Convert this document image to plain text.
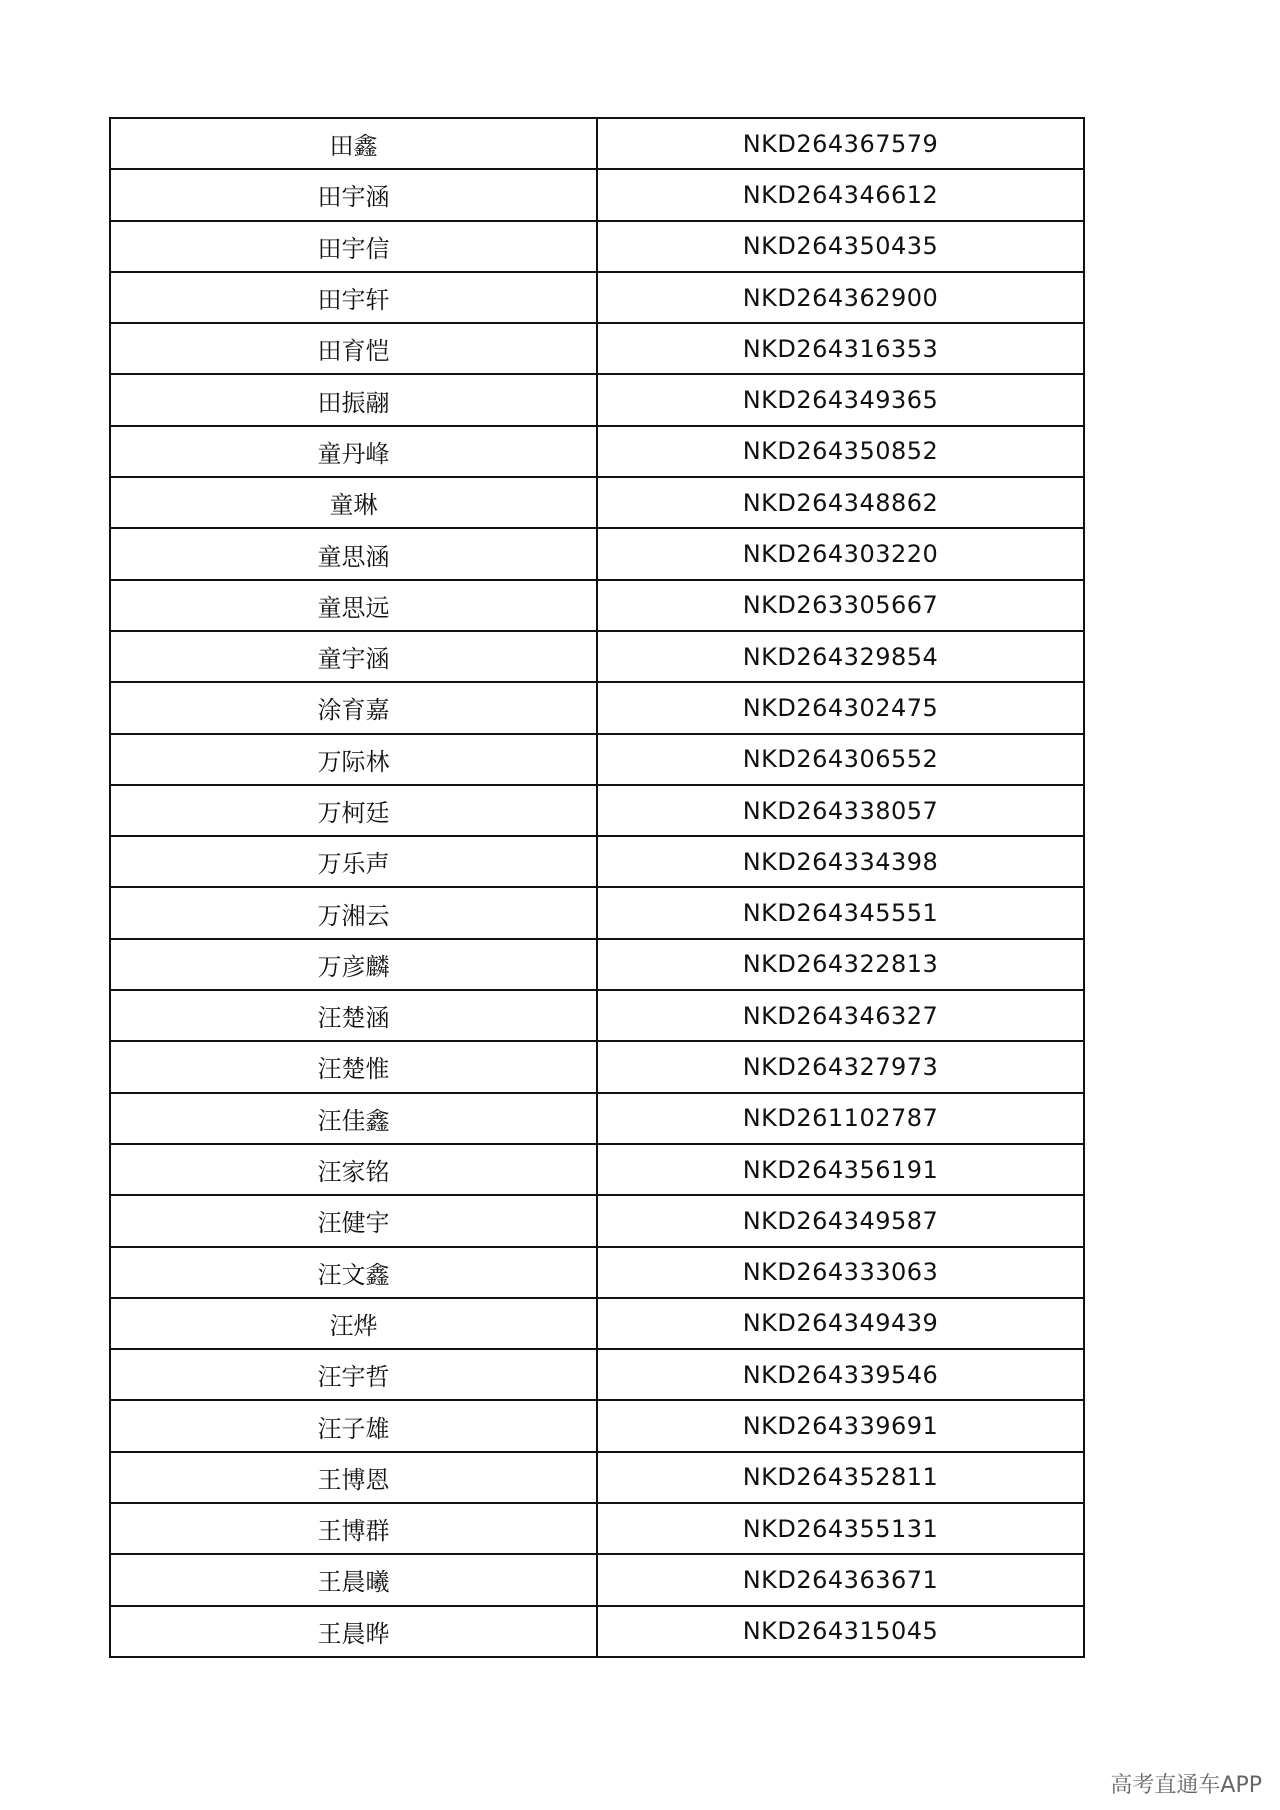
田鑫	NKD264367579
田宇涵	NKD264346612
田宇信	NKD264350435
田宇轩	NKD264362900
田育恺	NKD264316353
田振翮	NKD264349365
童丹峰	NKD264350852
童琳	NKD264348862
童思涵	NKD264303220
童思远	NKD263305667
童宇涵	NKD264329854
涂育嘉	NKD264302475
万际林	NKD264306552
万柯廷	NKD264338057
万乐声	NKD264334398
万湘云	NKD264345551
万彦麟	NKD264322813
汪楚涵	NKD264346327
汪楚惟	NKD264327973
汪佳鑫	NKD261102787
汪家铭	NKD264356191
汪健宇	NKD264349587
汪文鑫	NKD264333063
汪烨	NKD264349439
汪宇哲	NKD264339546
汪子雄	NKD264339691
王博恩	NKD264352811
王博群	NKD264355131
王晨曦	NKD264363671
王晨晔	NKD264315045
高考直通车APP
